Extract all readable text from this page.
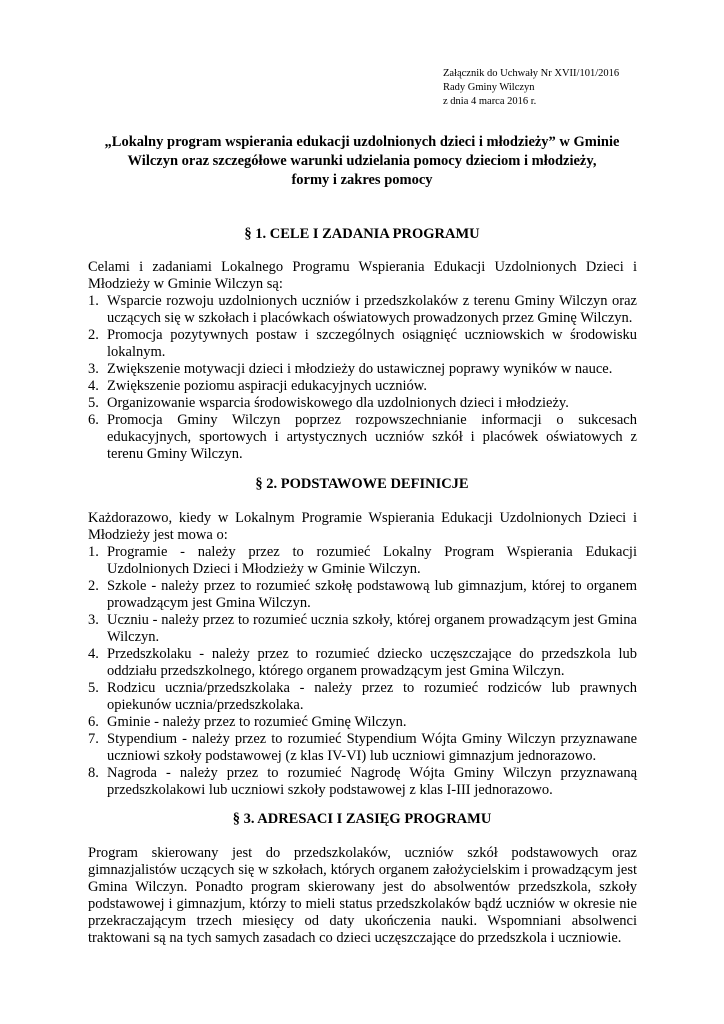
Załącznik do Uchwały Nr XVII/101/2016
Rady Gminy Wilczyn
z dnia 4 marca 2016 r.
„Lokalny program wspierania edukacji uzdolnionych dzieci i młodzieży” w Gminie
Wilczyn oraz szczegółowe warunki udzielania pomocy dzieciom i młodzieży,
formy i zakres pomocy
§ 1. CELE I ZADANIA PROGRAMU

Celami i zadaniami Lokalnego Programu Wspierania Edukacji Uzdolnionych Dzieci i Młodzieży w Gminie Wilczyn są:

1. Wsparcie rozwoju uzdolnionych uczniów i przedszkolaków z terenu Gminy Wilczyn oraz uczących się w szkołach i placówkach oświatowych prowadzonych przez Gminę Wilczyn.
2. Promocja pozytywnych postaw i szczególnych osiągnięć uczniowskich w środowisku lokalnym.
3. Zwiększenie motywacji dzieci i młodzieży do ustawicznej poprawy wyników w nauce.
4. Zwiększenie poziomu aspiracji edukacyjnych uczniów.
5. Organizowanie wsparcia środowiskowego dla uzdolnionych dzieci i młodzieży.
6. Promocja Gminy Wilczyn poprzez rozpowszechnianie informacji o sukcesach edukacyjnych, sportowych i artystycznych uczniów szkół i placówek oświatowych z terenu Gminy Wilczyn.
§ 2. PODSTAWOWE DEFINICJE

Każdorazowo, kiedy w Lokalnym Programie Wspierania Edukacji Uzdolnionych Dzieci i Młodzieży jest mowa o:

1. Programie - należy przez to rozumieć Lokalny Program Wspierania Edukacji Uzdolnionych Dzieci i Młodzieży w Gminie Wilczyn.
2. Szkole - należy przez to rozumieć szkołę podstawową lub gimnazjum, której to organem prowadzącym jest Gmina Wilczyn.
3. Uczniu - należy przez to rozumieć ucznia szkoły, której organem prowadzącym jest Gmina Wilczyn.
4. Przedszkolaku - należy przez to rozumieć dziecko uczęszczające do przedszkola lub oddziału przedszkolnego, którego organem prowadzącym jest Gmina Wilczyn.
5. Rodzicu ucznia/przedszkolaka - należy przez to rozumieć rodziców lub prawnych opiekunów ucznia/przedszkolaka.
6. Gminie - należy przez to rozumieć Gminę Wilczyn.
7. Stypendium - należy przez to rozumieć Stypendium Wójta Gminy Wilczyn przyznawane uczniowi szkoły podstawowej (z klas IV-VI) lub uczniowi gimnazjum jednorazowo.
8. Nagroda - należy przez to rozumieć Nagrodę Wójta Gminy Wilczyn przyznawaną przedszkolakowi lub uczniowi szkoły podstawowej z klas I-III jednorazowo.
§ 3. ADRESACI I ZASIĘG PROGRAMU

Program skierowany jest do przedszkolaków, uczniów szkół podstawowych oraz gimnazjalistów uczących się w szkołach, których organem założycielskim i prowadzącym jest Gmina Wilczyn. Ponadto program skierowany jest do absolwentów przedszkola, szkoły podstawowej i gimnazjum, którzy to mieli status przedszkolaków bądź uczniów w okresie nie przekraczającym trzech miesięcy od daty ukończenia nauki. Wspomniani absolwenci traktowani są na tych samych zasadach co dzieci uczęszczające do przedszkola i uczniowie.
